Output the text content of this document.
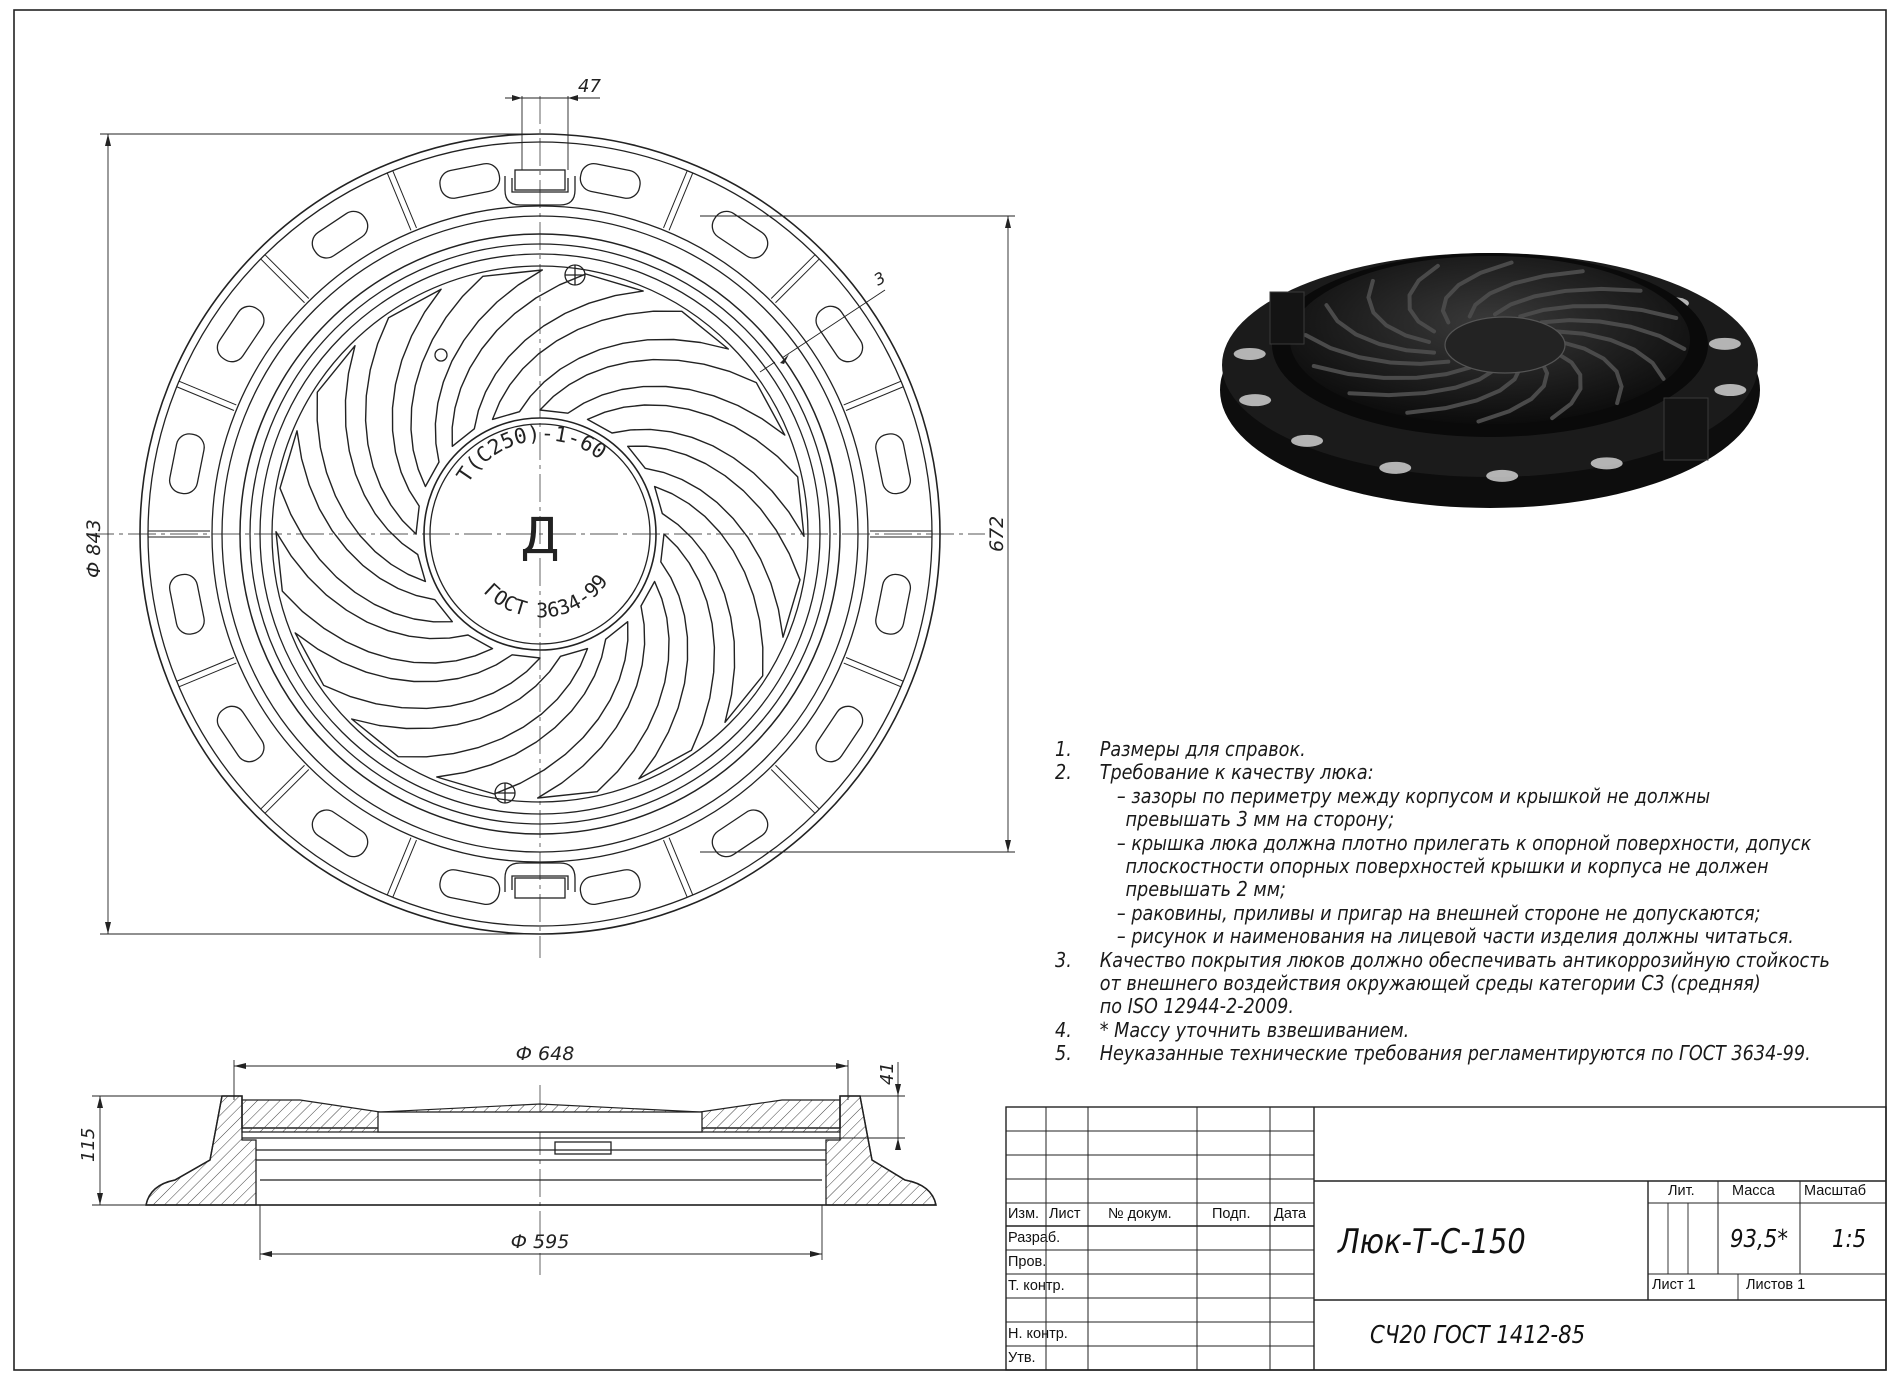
47
Ф 843	672
3
Т(С250)-1-60
Д
ГОСТ 3634-99
Ф 648
Ф 595
115
41
1. Размеры для справок.
2. Требование к качеству люка:
– зазоры по периметру между корпусом и крышкой не должны
превышать 3 мм на сторону;
– крышка люка должна плотно прилегать к опорной поверхности, допуск
плоскостности опорных поверхностей крышки и корпуса не должен
превышать 2 мм;
– раковины, приливы и пригар на внешней стороне не допускаются;
– рисунок и наименования на лицевой части изделия должны читаться.
3. Качество покрытия люков должно обеспечивать антикоррозийную стойкость
от внешнего воздействия окружающей среды категории С3 (средняя)
по ISO 12944-2-2009.
4. * Массу уточнить взвешиванием.
5. Неуказанные технические требования регламентируются по ГОСТ 3634-99.
Изм. Лист № докум.	Подп. Дата
Разраб.
Пров.
Т. контр.
Н. контр.
Утв.
Лит.	Масса Масштаб
Лист 1	Листов 1
Люк-Т-С-150
СЧ20 ГОСТ 1412-85
93,5* 1:5
